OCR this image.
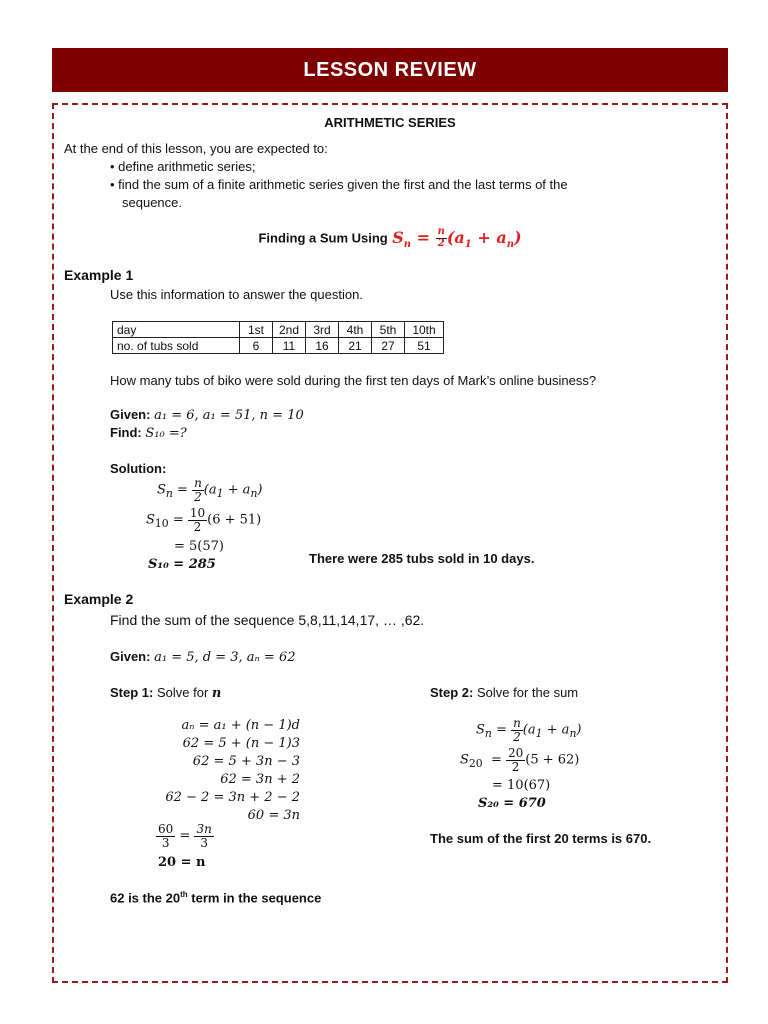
LESSON REVIEW
ARITHMETIC SERIES
At the end of this lesson, you are expected to:
• define arithmetic series;
• find the sum of a finite arithmetic series given the first and the last terms of the
sequence.
Finding a Sum Using $S_n = \frac{n}{2} (a_1 + a_n)$
Example 1
Use this information to answer the question.
day	1st	2nd	3rd	4th	5th	10th
no. of tubs sold	6	11	16	21	27	51
How many tubs of biko were sold during the first ten days of Mark’s online business?
Given: a₁ = 6, a₁ = 51, n = 10
Find: S₁₀ =?
Solution:
$S_n = \frac{n}{2} (a_1 + a_n)$
$S_{10} = \frac{10}{2} (6 + 51)$
= 5(57)
S₁₀ = 285	There were 285 tubs sold in 10 days.
Example 2
Find the sum of the sequence 5,8,11,14,17, … ,62.
Given: a₁ = 5, d = 3, aₙ = 62
Step 1: Solve for n
aₙ = a₁ + (n − 1)d
62 = 5 + (n − 1)3
62 = 5 + 3n − 3
62 = 3n + 2
62 − 2 = 3n + 2 − 2
60 = 3n
$\frac{60}{3} = \frac{3n}{3}$
20 = n
62 is the 20th term in the sequence
Step 2: Solve for the sum
$S_n = \frac{n}{2} (a_1 + a_n)$
$S_{20} = \frac{20}{2} (5 + 62)$
= 10(67)
S₂₀ = 670
The sum of the first 20 terms is 670.
